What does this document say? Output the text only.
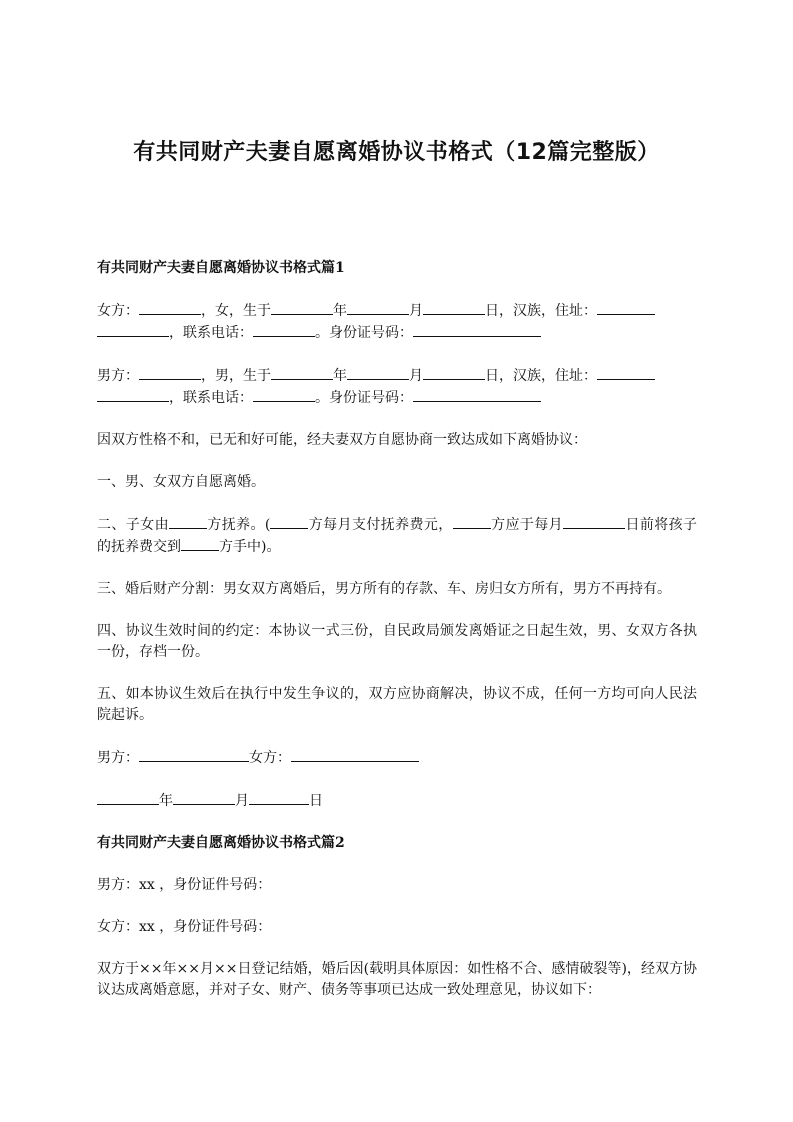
有共同财产夫妻自愿离婚协议书格式（12篇完整版）

有共同财产夫妻自愿离婚协议书格式篇1

女方：	，女，生于	年	月	日，汉族，住址：
，联系电话：	。身份证号码：

男方：	，男，生于	年	月	日，汉族，住址：
，联系电话：	。身份证号码：

因双方性格不和，已无和好可能，经夫妻双方自愿协商一致达成如下离婚协议：

一、男、女双方自愿离婚。

二、子女由	方抚养。(	方每月支付抚养费元，	方应于每月	日前将孩子的抚养费交到	方手中)。

三、婚后财产分割：男女双方离婚后，男方所有的存款、车、房归女方所有，男方不再持有。

四、协议生效时间的约定：本协议一式三份，自民政局颁发离婚证之日起生效，男、女双方各执一份，存档一份。

五、如本协议生效后在执行中发生争议的，双方应协商解决，协议不成，任何一方均可向人民法院起诉。

男方：	女方：

年	月	日

有共同财产夫妻自愿离婚协议书格式篇2

男方：xx ，身份证件号码：

女方：xx ，身份证件号码：

双方于××年××月××日登记结婚，婚后因(载明具体原因：如性格不合、感情破裂等)，经双方协议达成离婚意愿，并对子女、财产、债务等事项已达成一致处理意见，协议如下：
